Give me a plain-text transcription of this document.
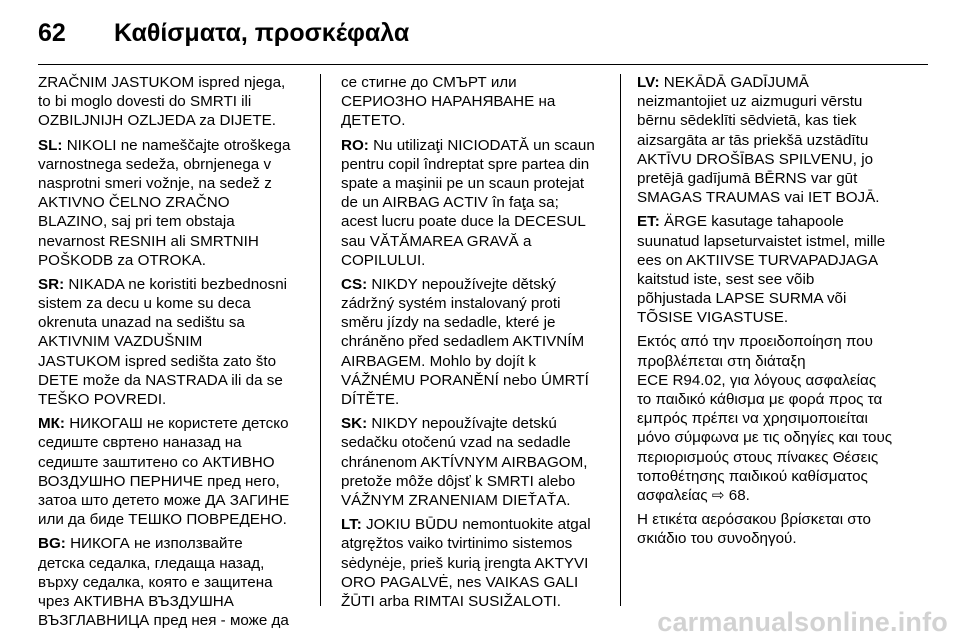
62 Καθίσματα, προσκέφαλα
ZRAČNIM JASTUKOM ispred njega,
to bi moglo dovesti do SMRTI ili
OZBILJNIJH OZLJEDA za DIJETE.
SL: NIKOLI ne nameščajte otroškega
varnostnega sedeža, obrnjenega v
nasprotni smeri vožnje, na sedež z
AKTIVNO ČELNO ZRAČNO
BLAZINO, saj pri tem obstaja
nevarnost RESNIH ali SMRTNIH
POŠKODB za OTROKA.
SR: NIKADA ne koristiti bezbednosni
sistem za decu u kome su deca
okrenuta unazad na sedištu sa
AKTIVNIM VAZDUŠNIM
JASTUKOM ispred sedišta zato što
DETE može da NASTRADA ili da se
TEŠKO POVREDI.
МК: НИКОГАШ не користете детско
седиште свртено наназад на
седиште заштитено со АКТИВНО
ВОЗДУШНО ПЕРНИЧЕ пред него,
затоа што детето може ДА ЗАГИНЕ
или да биде ТЕШКО ПОВРЕДЕНО.
BG: НИКОГА не използвайте
детска седалка, гледаща назад,
върху седалка, която е защитена
чрез АКТИВНА ВЪЗДУШНА
ВЪЗГЛАВНИЦА пред нея - може да
се стигне до СМЪРТ или
СЕРИОЗНО НАРАНЯВАНЕ на
ДЕТЕТО.
RO: Nu utilizaţi NICIODATĂ un scaun
pentru copil îndreptat spre partea din
spate a maşinii pe un scaun protejat
de un AIRBAG ACTIV în faţa sa;
acest lucru poate duce la DECESUL
sau VĂTĂMAREA GRAVĂ a
COPILULUI.
CS: NIKDY nepoužívejte dětský
zádržný systém instalovaný proti
směru jízdy na sedadle, které je
chráněno před sedadlem AKTIVNÍM
AIRBAGEM. Mohlo by dojít k
VÁŽNÉMU PORANĚNÍ nebo ÚMRTÍ
DÍTĚTE.
SK: NIKDY nepoužívajte detskú
sedačku otočenú vzad na sedadle
chránenom AKTÍVNYM AIRBAGOM,
pretože môže dôjsť k SMRTI alebo
VÁŽNYM ZRANENIAM DIEŤAŤA.
LT: JOKIU BŪDU nemontuokite atgal
atgręžtos vaiko tvirtinimo sistemos
sėdynėje, prieš kurią įrengta AKTYVI
ORO PAGALVĖ, nes VAIKAS GALI
ŽŪTI arba RIMTAI SUSIŽALOTI.
LV: NEKĀDĀ GADĪJUMĀ
neizmantojiet uz aizmuguri vērstu
bērnu sēdeklīti sēdvietā, kas tiek
aizsargāta ar tās priekšā uzstādītu
AKTĪVU DROŠĪBAS SPILVENU, jo
pretējā gadījumā BĒRNS var gūt
SMAGAS TRAUMAS vai IET BOJĀ.
ET: ÄRGE kasutage tahapoole
suunatud lapseturvaistet istmel, mille
ees on AKTIIVSE TURVAPADJAGA
kaitstud iste, sest see võib
põhjustada LAPSE SURMA või
TÕSISE VIGASTUSE.
Εκτός από την προειδοποίηση που
προβλέπεται στη διάταξη
ECE R94.02, για λόγους ασφαλείας
το παιδικό κάθισμα με φορά προς τα
εμπρός πρέπει να χρησιμοποιείται
μόνο σύμφωνα με τις οδηγίες και τους
περιορισμούς στους πίνακες Θέσεις
τοποθέτησης παιδικού καθίσματος
ασφαλείας ⇨ 68.
Η ετικέτα αερόσακου βρίσκεται στο
σκιάδιο του συνοδηγού.
carmanualsonline.info
